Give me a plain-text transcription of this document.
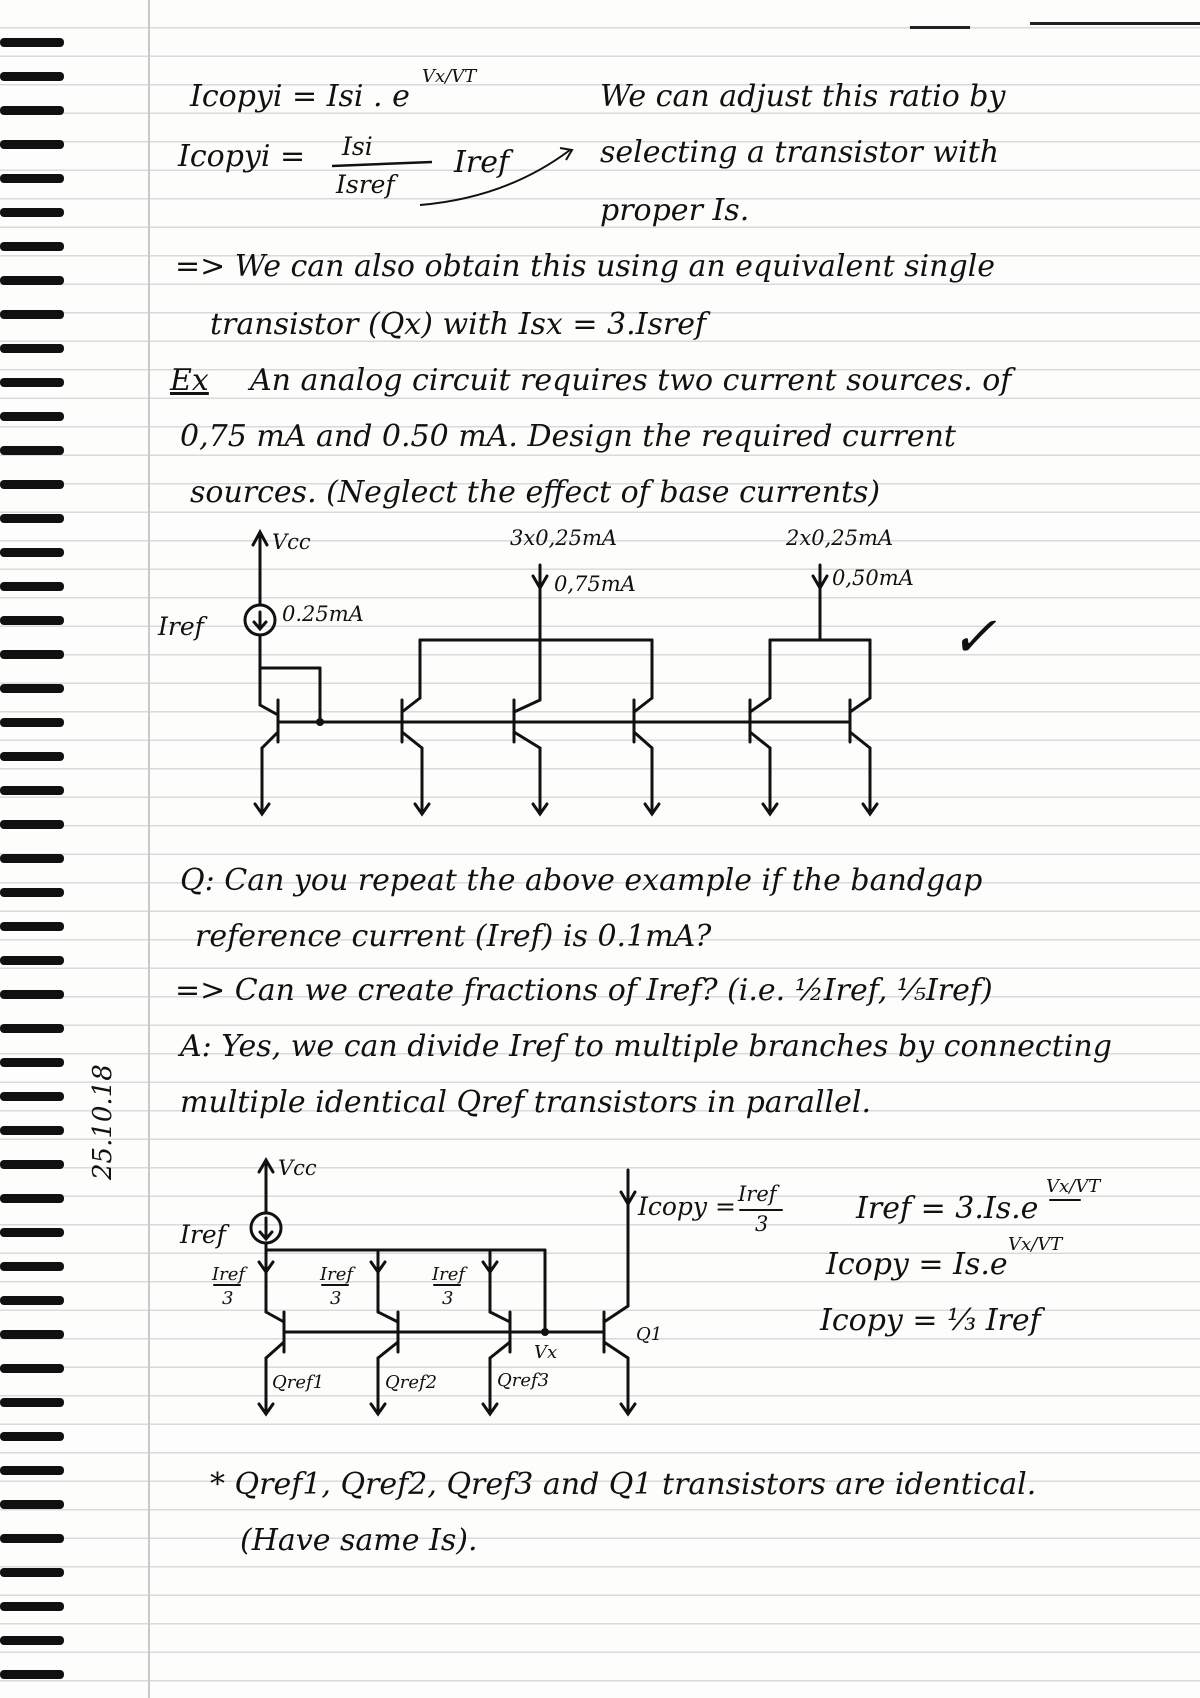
25.10.18
Icopyi = Isi . e
Vx/VT
We can adjust this ratio by
Icopyi = Isi
Isref
Iref	selecting a transistor with
proper Is.
=> We can also obtain this using an equivalent single
transistor (Qx) with Isx = 3.Isref
Ex An analog circuit requires two current sources. of
0,75 mA and 0.50 mA. Design the required current
sources. (Neglect the effect of base currents)
Vcc
Iref	0.25mA
3x0,25mA
0,75mA
2x0,25mA
0,50mA
✓
Q: Can you repeat the above example if the bandgap
reference current (Iref) is 0.1mA?
=> Can we create fractions of Iref? (i.e. ½Iref, ⅕Iref)
A: Yes, we can divide Iref to multiple branches by connecting
multiple identical Qref transistors in parallel.
Vcc
Iref
Iref
3
Iref
3
Iref
3
Icopy = Iref
3
Qref1	Qref2	Qref3
Vx
Q1
Iref = 3.Is.e
Vx/VT
Icopy = Is.e
Vx/VT
Icopy = ⅓ Iref
* Qref1, Qref2, Qref3 and Q1 transistors are identical.
(Have same Is).
